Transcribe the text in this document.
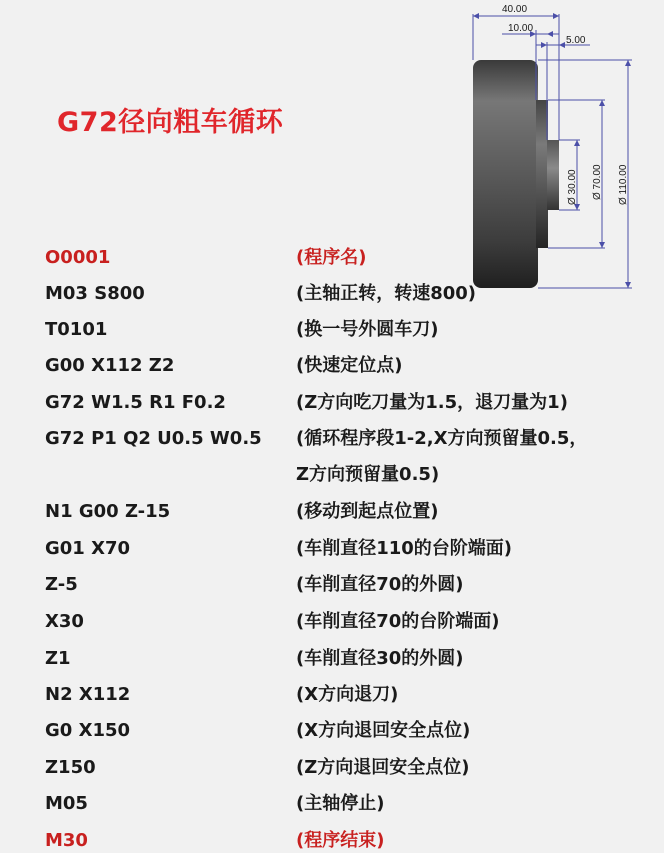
G72径向粗车循环
40.00
10.00
5.00
Ø 30.00 Ø 70.00 Ø 110.00
O0001	(程序名)
M03 S800	(主轴正转，转速800)
T0101	(换一号外圆车刀)
G00 X112 Z2	(快速定位点)
G72 W1.5 R1 F0.2	(Z方向吃刀量为1.5，退刀量为1)
G72 P1 Q2 U0.5 W0.5 (循环程序段1-2,X方向预留量0.5，
Z方向预留量0.5)
N1 G00 Z-15	(移动到起点位置)
G01 X70	(车削直径110的台阶端面)
Z-5	(车削直径70的外圆)
X30	(车削直径70的台阶端面)
Z1	(车削直径30的外圆)
N2 X112	(X方向退刀)
G0 X150	(X方向退回安全点位)
Z150	(Z方向退回安全点位)
M05	(主轴停止)
M30	(程序结束)
